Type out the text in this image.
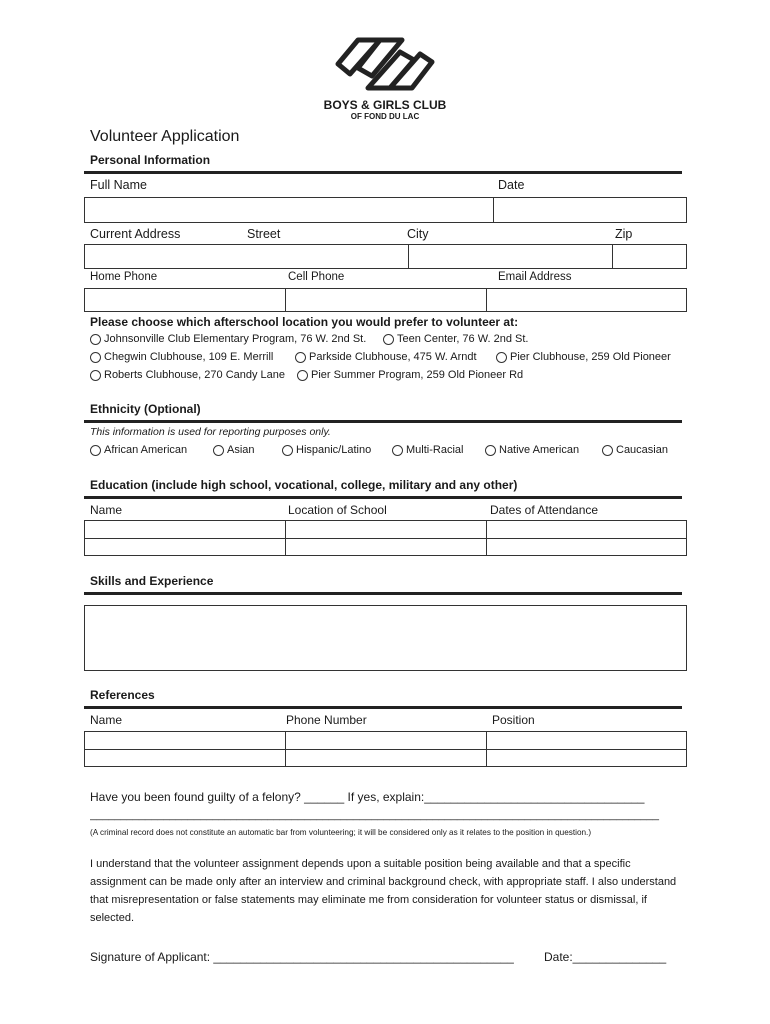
BOYS & GIRLS CLUB
OF FOND DU LAC
Volunteer Application
Personal Information
Full Name	Date
Current Address	Street	City	Zip
Home Phone	Cell Phone	Email Address
Please choose which afterschool location you would prefer to volunteer at:
Johnsonville Club Elementary Program, 76 W. 2nd St.	Teen Center, 76 W. 2nd St.
Chegwin Clubhouse, 109 E. Merrill	Parkside Clubhouse, 475 W. Arndt	Pier Clubhouse, 259 Old Pioneer
Roberts Clubhouse, 270 Candy Lane Pier Summer Program, 259 Old Pioneer Rd
Ethnicity (Optional)
This information is used for reporting purposes only.
African American	Asian	Hispanic/Latino	Multi-Racial	Native American	Caucasian
Education (include high school, vocational, college, military and any other)
Name	Location of School	Dates of Attendance
Skills and Experience
References
Name	Phone Number	Position
Have you been found guilty of a felony? ______ If yes, explain:_________________________________
_____________________________________________________________________________________________
(A criminal record does not constitute an automatic bar from volunteering; it will be considered only as it relates to the position in question.)
I understand that the volunteer assignment depends upon a suitable position being available and that a specific assignment can be made only after an interview and criminal background check, with appropriate staff. I also understand that misrepresentation or false statements may eliminate me from consideration for volunteer status or dismissal, if selected.
Signature of Applicant: _____________________________________________	Date:______________
